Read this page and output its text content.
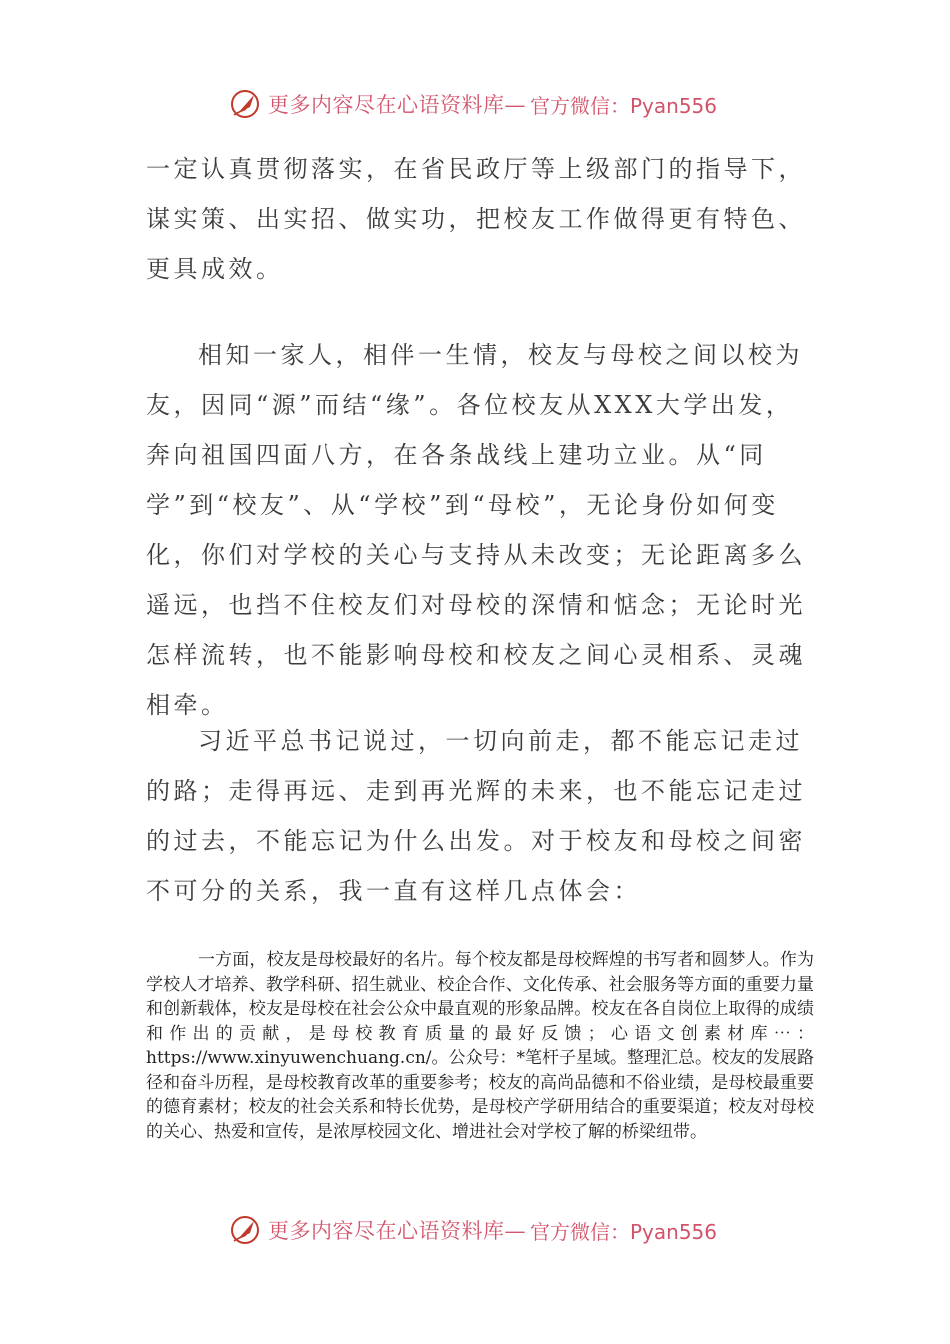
更多内容尽在心语资料库— 官方微信：Pyan556

一定认真贯彻落实，在省民政厅等上级部门的指导下，谋实策、出实招、做实功，把校友工作做得更有特色、更具成效。

相知一家人，相伴一生情，校友与母校之间以校为友，因同“源”而结“缘”。各位校友从XXX大学出发，奔向祖国四面八方，在各条战线上建功立业。从“同学”到“校友”、从“学校”到“母校”，无论身份如何变化，你们对学校的关心与支持从未改变；无论距离多么遥远，也挡不住校友们对母校的深情和惦念；无论时光怎样流转，也不能影响母校和校友之间心灵相系、灵魂相牵。

习近平总书记说过，一切向前走，都不能忘记走过的路；走得再远、走到再光辉的未来，也不能忘记走过的过去，不能忘记为什么出发。对于校友和母校之间密不可分的关系，我一直有这样几点体会：

一方面，校友是母校最好的名片。每个校友都是母校辉煌的书写者和圆梦人。作为学校人才培养、教学科研、招生就业、校企合作、文化传承、社会服务等方面的重要力量和创新载体，校友是母校在社会公众中最直观的形象品牌。校友在各自岗位上取得的成绩和作出的贡献，是母校教育质量的最好反馈；心语文创素材库⋯：https://www.xinyuwenchuang.cn/。公众号：*笔杆子星域。整理汇总。校友的发展路径和奋斗历程，是母校教育改革的重要参考；校友的高尚品德和不俗业绩，是母校最重要的德育素材；校友的社会关系和特长优势，是母校产学研用结合的重要渠道；校友对母校的关心、热爱和宣传，是浓厚校园文化、增进社会对学校了解的桥梁纽带。

更多内容尽在心语资料库— 官方微信：Pyan556
